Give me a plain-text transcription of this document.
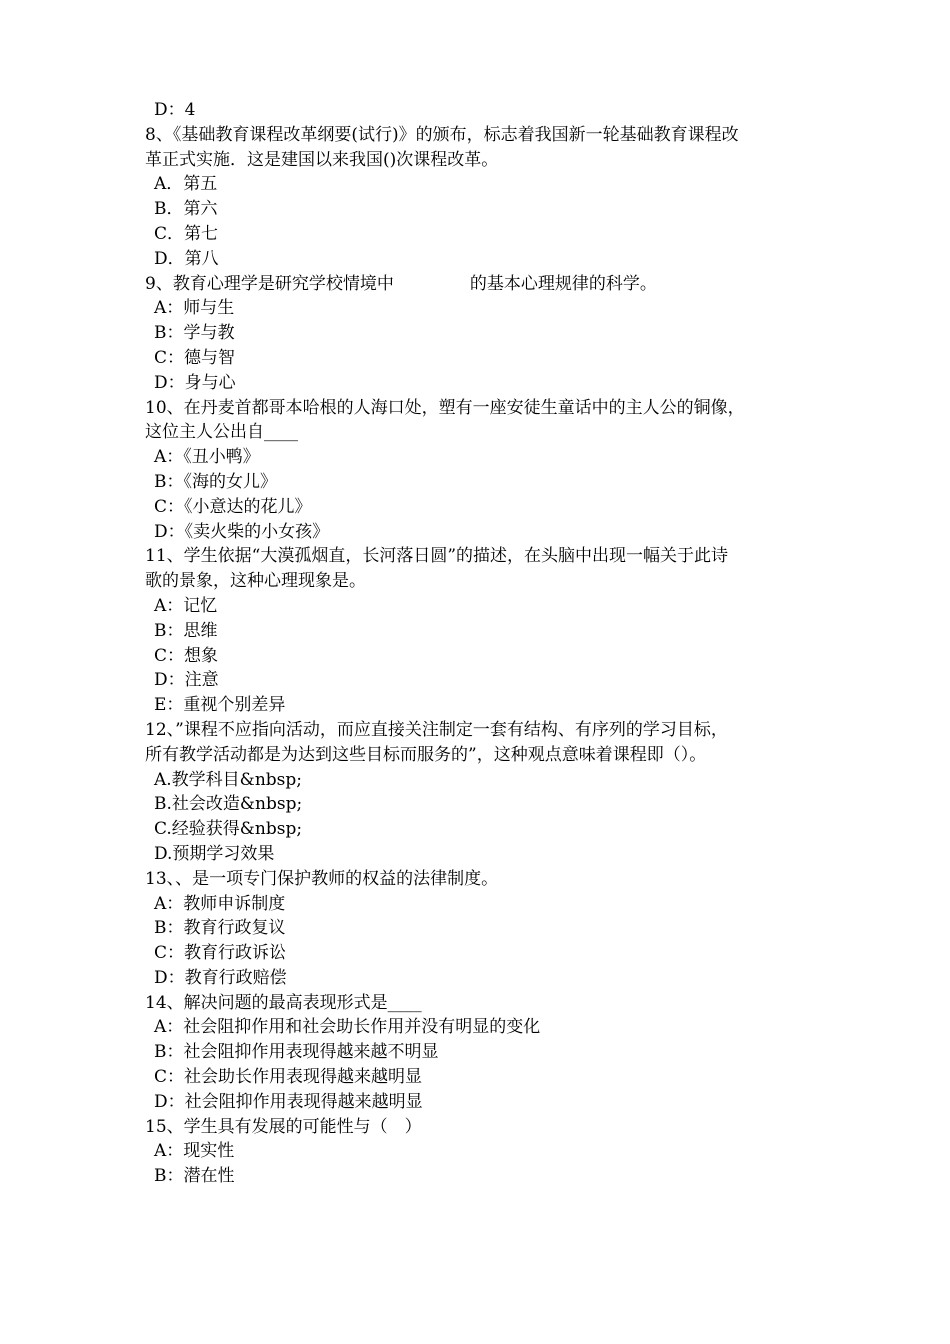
D：4
8、《基础教育课程改革纲要(试行)》的颁布，标志着我国新一轮基础教育课程改
革正式实施．这是建国以来我国()次课程改革。
A．第五
B．第六
C．第七
D．第八
9、教育心理学是研究学校情境中	的基本心理规律的科学。
A：师与生
B：学与教
C：德与智
D：身与心
10、在丹麦首都哥本哈根的人海口处，塑有一座安徒生童话中的主人公的铜像，
这位主人公出自____
A：《丑小鸭》
B：《海的女儿》
C：《小意达的花儿》
D：《卖火柴的小女孩》
11、学生依据“大漠孤烟直，长河落日圆”的描述，在头脑中出现一幅关于此诗
歌的景象，这种心理现象是。
A：记忆
B：思维
C：想象
D：注意
E：重视个别差异
12、”课程不应指向活动，而应直接关注制定一套有结构、有序列的学习目标，
所有教学活动都是为达到这些目标而服务的”，这种观点意味着课程即（）。
A.教学科目&nbsp;
B.社会改造&nbsp;
C.经验获得&nbsp;
D.预期学习效果
13、、是一项专门保护教师的权益的法律制度。
A：教师申诉制度
B：教育行政复议
C：教育行政诉讼
D：教育行政赔偿
14、解决问题的最高表现形式是____
A：社会阻抑作用和社会助长作用并没有明显的变化
B：社会阻抑作用表现得越来越不明显
C：社会助长作用表现得越来越明显
D：社会阻抑作用表现得越来越明显
15、学生具有发展的可能性与（　）
A：现实性
B：潜在性
